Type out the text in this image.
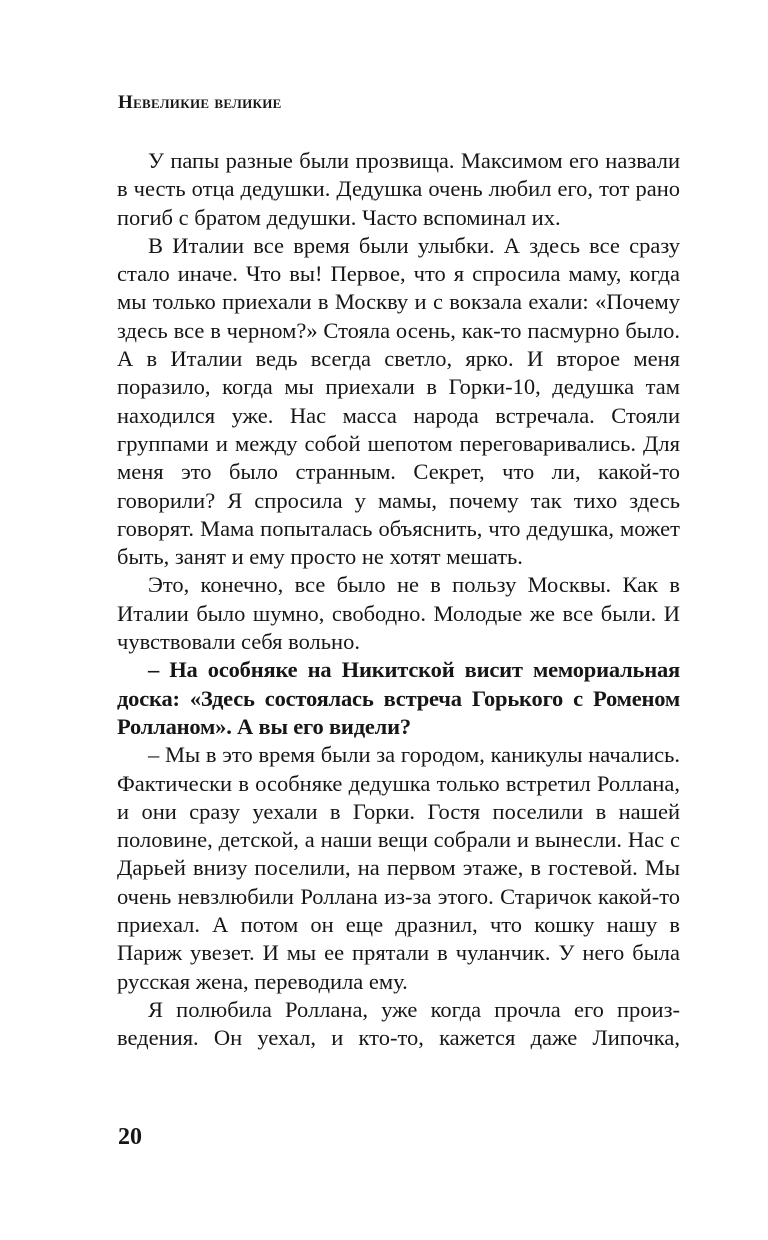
Невеликие великие

У папы разные были прозвища. Максимом его назвали в честь отца дедушки. Дедушка очень любил его, тот рано погиб с братом дедушки. Часто вспоминал их.

В Италии все время были улыбки. А здесь все сразу стало иначе. Что вы! Первое, что я спросила маму, когда мы только приехали в Москву и с вокзала ехали: «Почему здесь все в черном?» Стояла осень, как-то пасмурно было. А в Италии ведь всегда светло, ярко. И второе меня поразило, когда мы приехали в Горки-10, дедушка там находился уже. Нас масса народа встречала. Стояли группами и между собой шепотом переговаривались. Для меня это было странным. Секрет, что ли, какой-то говорили? Я спросила у мамы, почему так тихо здесь говорят. Мама попыталась объяснить, что дедушка, может быть, занят и ему просто не хотят мешать.

Это, конечно, все было не в пользу Москвы. Как в Италии было шумно, свободно. Молодые же все были. И чувствовали себя вольно.

– На особняке на Никитской висит мемориальная доска: «Здесь состоялась встреча Горького с Роменом Ролланом». А вы его видели?

– Мы в это время были за городом, каникулы начались. Фактически в особняке дедушка только встретил Роллана, и они сразу уехали в Горки. Гостя поселили в нашей половине, детской, а наши вещи собрали и вынесли. Нас с Дарьей внизу поселили, на первом этаже, в гостевой. Мы очень невзлюбили Роллана из-за этого. Старичок какой-то приехал. А потом он еще дразнил, что кошку нашу в Париж увезет. И мы ее прятали в чуланчик. У него была русская жена, переводила ему.

Я полюбила Роллана, уже когда прочла его произведения. Он уехал, и кто-то, кажется даже Липочка,

20
